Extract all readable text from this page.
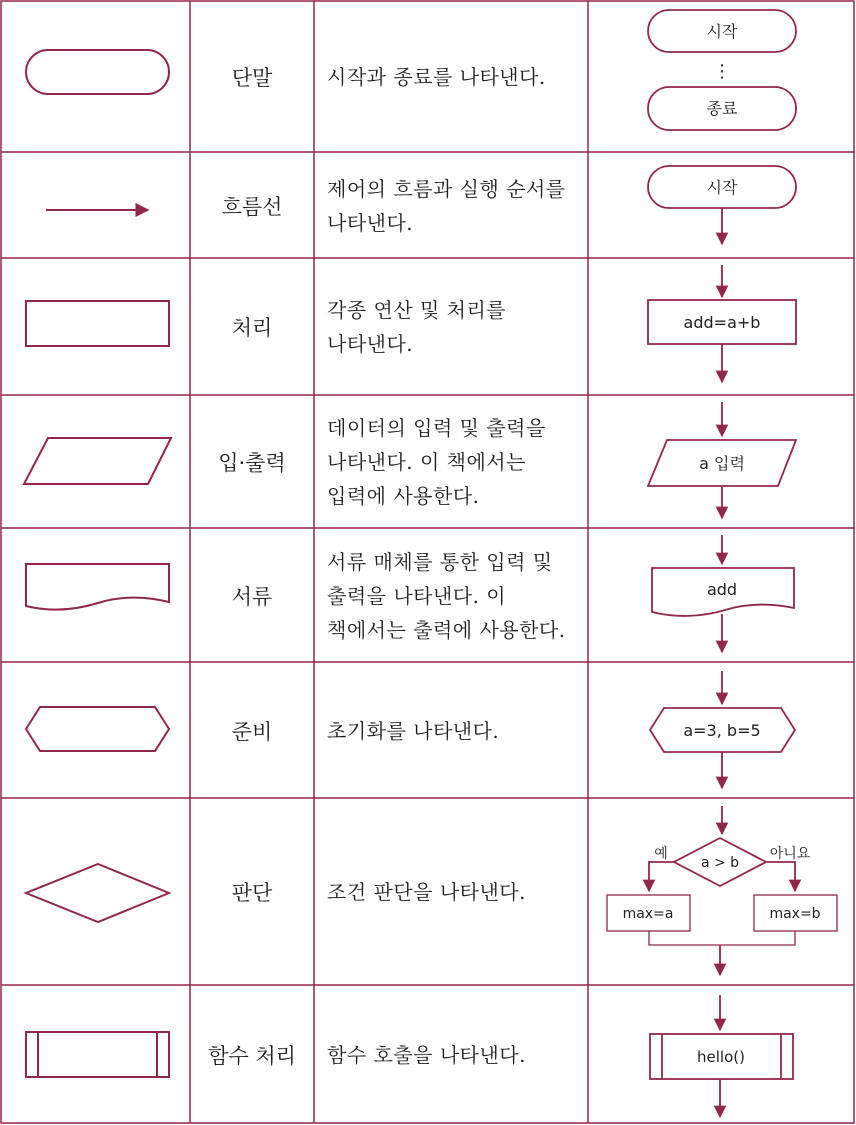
시작
⋮
종료
시작
add=a+b
a 입력
add
a=3, b=5
a > b
예	아니요
max=a	max=b
hello()
단말
흐름선
처리
입·출력
서류
준비
판단
함수 처리
시작과 종료를 나타낸다.
제어의 흐름과 실행 순서를 나타낸다.
각종 연산 및 처리를 나타낸다.
데이터의 입력 및 출력을 나타낸다. 이 책에서는 입력에 사용한다.
서류 매체를 통한 입력 및 출력을 나타낸다. 이 책에서는 출력에 사용한다.
초기화를 나타낸다.
조건 판단을 나타낸다.
함수 호출을 나타낸다.
